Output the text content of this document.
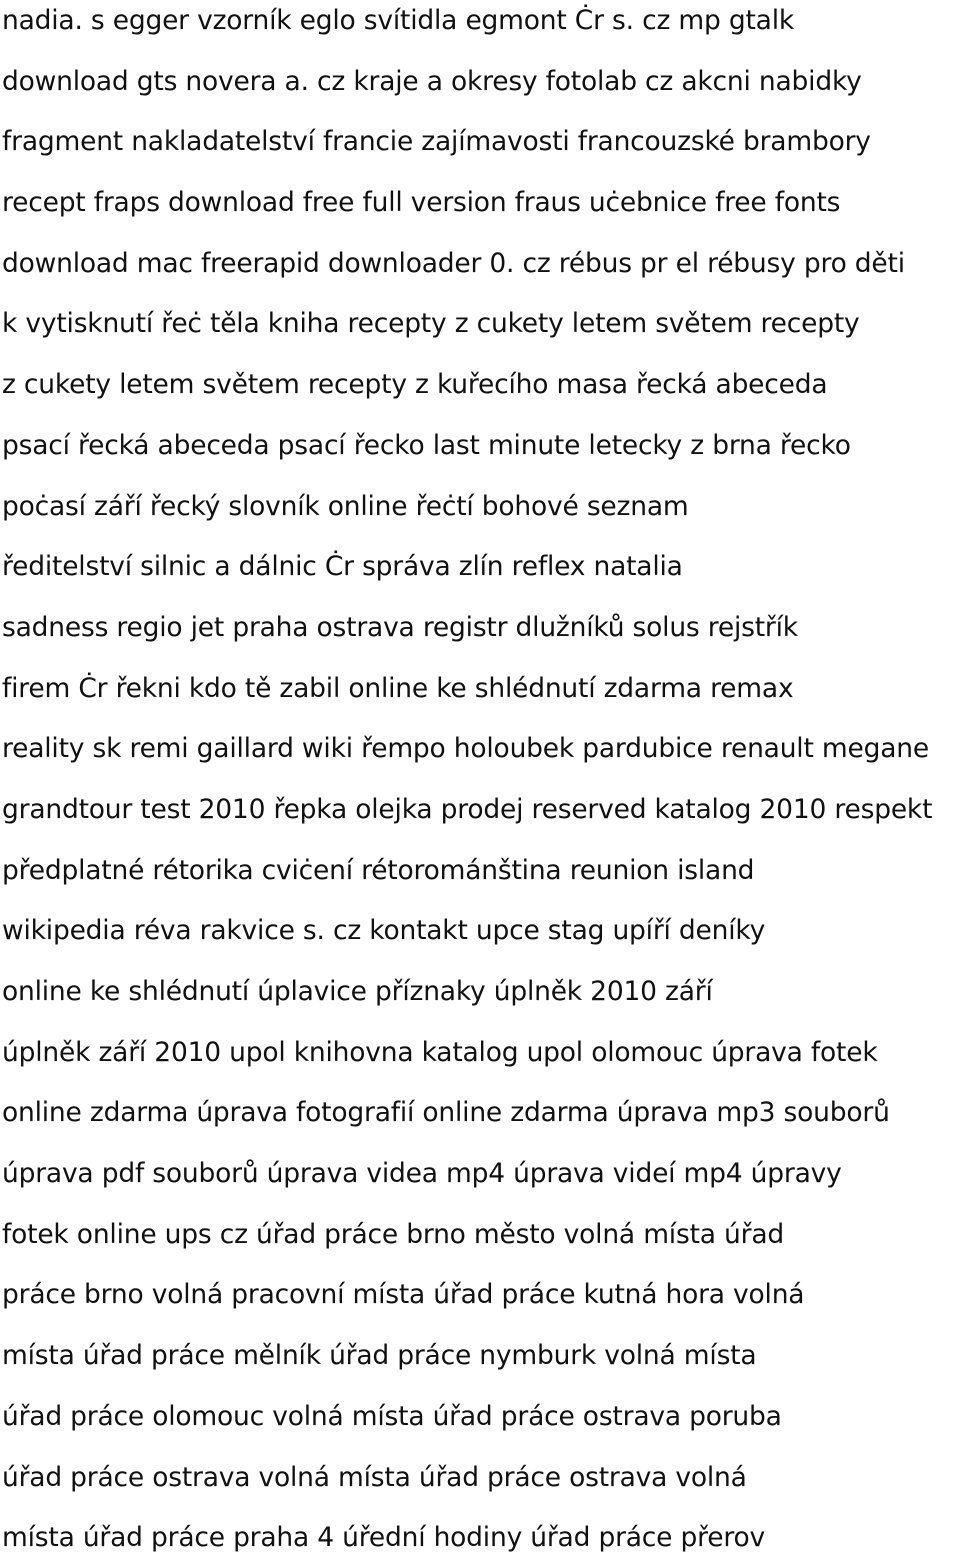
nadia. s egger vzorník eglo svítidla egmont Ċr s. cz mp gtalk
download gts novera a. cz kraje a okresy fotolab cz akcni nabidky
fragment nakladatelství francie zajímavosti francouzské brambory
recept fraps download free full version fraus uċebnice free fonts
download mac freerapid downloader 0. cz rébus pr el rébusy pro děti
k vytisknutí řeċ těla kniha recepty z cukety letem světem recepty
z cukety letem světem recepty z kuřecího masa řecká abeceda
psací řecká abeceda psací řecko last minute letecky z brna řecko
poċasí září řecký slovník online řeċtí bohové seznam
ředitelství silnic a dálnic Ċr správa zlín reflex natalia
sadness regio jet praha ostrava registr dlužníků solus rejstřík
firem Ċr řekni kdo tě zabil online ke shlédnutí zdarma remax
reality sk remi gaillard wiki řempo holoubek pardubice renault megane
grandtour test 2010 řepka olejka prodej reserved katalog 2010 respekt
předplatné rétorika cviċení rétorománština reunion island
wikipedia réva rakvice s. cz kontakt upce stag upíří deníky
online ke shlédnutí úplavice příznaky úplněk 2010 září
úplněk září 2010 upol knihovna katalog upol olomouc úprava fotek
online zdarma úprava fotografií online zdarma úprava mp3 souborů
úprava pdf souborů úprava videa mp4 úprava videí mp4 úpravy
fotek online ups cz úřad práce brno město volná místa úřad
práce brno volná pracovní místa úřad práce kutná hora volná
místa úřad práce mělník úřad práce nymburk volná místa
úřad práce olomouc volná místa úřad práce ostrava poruba
úřad práce ostrava volná místa úřad práce ostrava volná
místa úřad práce praha 4 úřední hodiny úřad práce přerov
